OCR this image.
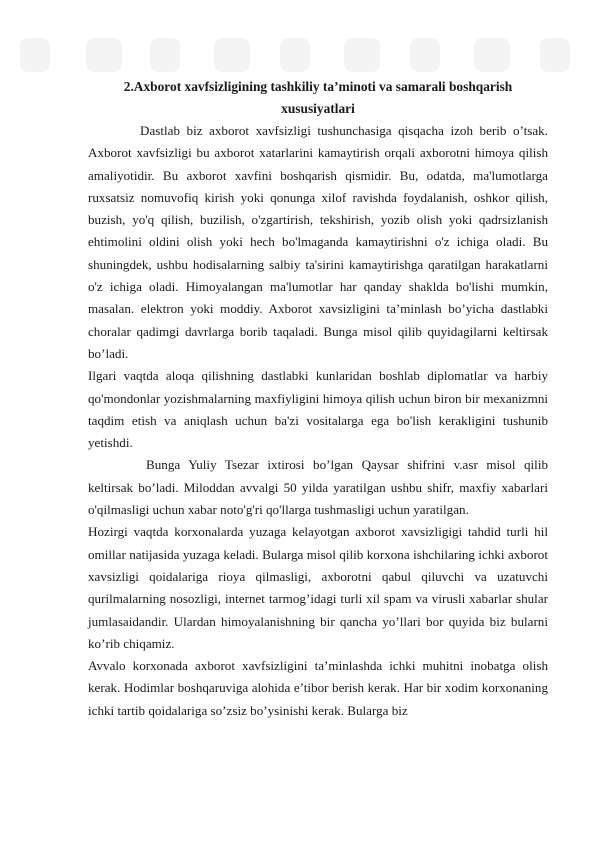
2.Axborot xavfsizligining tashkiliy ta’minoti va samarali boshqarish
xususiyatlari

Dastlab biz axborot xavfsizligi tushunchasiga qisqacha izoh berib o’tsak. Axborot xavfsizligi bu axborot xatarlarini kamaytirish orqali axborotni himoya qilish amaliyotidir. Bu axborot xavfini boshqarish qismidir. Bu, odatda, ma'lumotlarga ruxsatsiz nomuvofiq kirish yoki qonunga xilof ravishda foydalanish, oshkor qilish, buzish, yo'q qilish, buzilish, o'zgartirish, tekshirish, yozib olish yoki qadrsizlanish ehtimolini oldini olish yoki hech bo'lmaganda kamaytirishni o'z ichiga oladi. Bu shuningdek, ushbu hodisalarning salbiy ta'sirini kamaytirishga qaratilgan harakatlarni o'z ichiga oladi. Himoyalangan ma'lumotlar har qanday shaklda bo'lishi mumkin, masalan. elektron yoki moddiy. Axborot xavsizligini ta’minlash bo’yicha dastlabki choralar qadimgi davrlarga borib taqaladi. Bunga misol qilib quyidagilarni keltirsak bo’ladi.

Ilgari vaqtda aloqa qilishning dastlabki kunlaridan boshlab diplomatlar va harbiy qo'mondonlar yozishmalarning maxfiyligini himoya qilish uchun biron bir mexanizmni taqdim etish va aniqlash uchun ba'zi vositalarga ega bo'lish kerakligini tushunib yetishdi.

Bunga Yuliy Tsezar ixtirosi bo’lgan Qaysar shifrini v.asr misol qilib keltirsak bo’ladi. Miloddan avvalgi 50 yilda yaratilgan ushbu shifr, maxfiy xabarlari o'qilmasligi uchun xabar noto'g'ri qo'llarga tushmasligi uchun yaratilgan.

Hozirgi vaqtda korxonalarda yuzaga kelayotgan axborot xavsizligigi tahdid turli hil omillar natijasida yuzaga keladi. Bularga misol qilib korxona ishchilaring ichki axborot xavsizligi qoidalariga rioya qilmasligi, axborotni qabul qiluvchi va uzatuvchi qurilmalarning nosozligi, internet tarmog’idagi turli xil spam va virusli xabarlar shular jumlasaidandir. Ulardan himoyalanishning bir qancha yo’llari bor quyida biz bularni ko’rib chiqamiz.

Avvalo korxonada axborot xavfsizligini ta’minlashda ichki muhitni inobatga olish kerak. Hodimlar boshqaruviga alohida e’tibor berish kerak. Har bir xodim korxonaning ichki tartib qoidalariga so’zsiz bo’ysinishi kerak. Bularga biz
